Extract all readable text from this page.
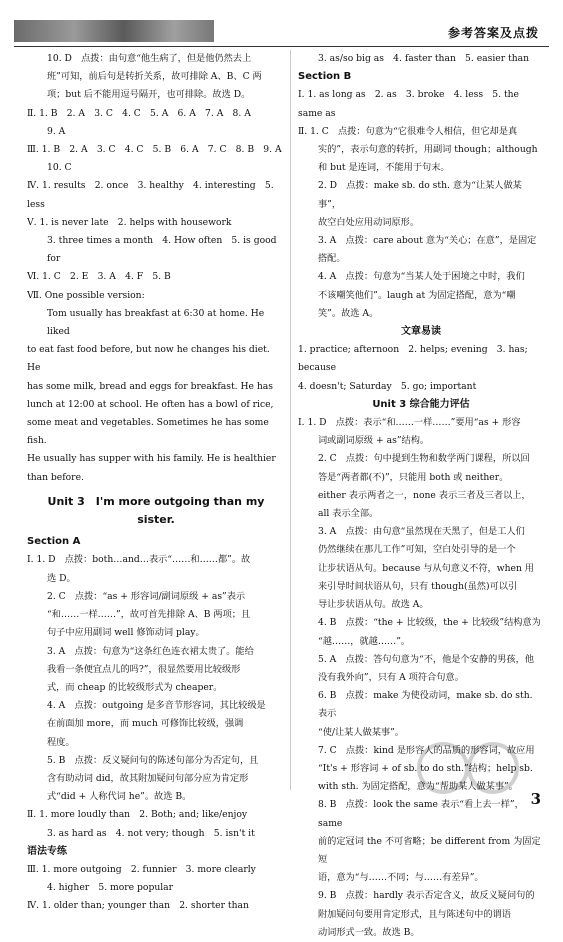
参考答案及点拨

10. D　点拨：由句意“他生病了，但是他仍然去上

班”可知，前后句是转折关系，故可排除 A、B、C 两

项；but 后不能用逗号隔开，也可排除。故选 D。

Ⅱ. 1. B　2. A　3. C　4. C　5. A　6. A　7. A　8. A

9. A

Ⅲ. 1. B　2. A　3. C　4. C　5. B　6. A　7. C　8. B　9. A

10. C

Ⅳ. 1. results　2. once　3. healthy　4. interesting　5. less

Ⅴ. 1. is never late　2. helps with housework

3. three times a month　4. How often　5. is good for

Ⅵ. 1. C　2. E　3. A　4. F　5. B

Ⅶ. One possible version:

Tom usually has breakfast at 6:30 at home. He liked

to eat fast food before, but now he changes his diet. He

has some milk, bread and eggs for breakfast. He has

lunch at 12:00 at school. He often has a bowl of rice,

some meat and vegetables. Sometimes he has some fish.

He usually has supper with his family. He is healthier

than before.

Unit 3　I'm more outgoing than my sister.

Section A

Ⅰ. 1. D　点拨：both…and…表示“……和……都”。故

选 D。

2. C　点拨：“as + 形容词/副词原级 + as”表示

“和……一样……”，故可首先排除 A、B 两项；且

句子中应用副词 well 修饰动词 play。

3. A　点拨：句意为“这条红色连衣裙太贵了。能给

我看一条便宜点儿的吗?”，很显然要用比较级形

式，而 cheap 的比较级形式为 cheaper。

4. A　点拨：outgoing 是多音节形容词，其比较级是

在前面加 more，而 much 可修饰比较级，强调

程度。

5. B　点拨：反义疑问句的陈述句部分为否定句，且

含有助动词 did，故其附加疑问句部分应为肯定形

式“did + 人称代词 he”。故选 B。

Ⅱ. 1. more loudly than　2. Both; and; like/enjoy

3. as hard as　4. not very; though　5. isn't it

语法专练

Ⅲ. 1. more outgoing　2. funnier　3. more clearly

4. higher　5. more popular

Ⅳ. 1. older than; younger than　2. shorter than

3. as/so big as　4. faster than　5. easier than

Section B

Ⅰ. 1. as long as　2. as　3. broke　4. less　5. the same as

Ⅱ. 1. C　点拨：句意为“它很难令人相信，但它却是真

实的”，表示句意的转折，用副词 though；although

和 but 是连词，不能用于句末。

2. D　点拨：make sb. do sth. 意为“让某人做某事”，

故空白处应用动词原形。

3. A　点拨：care about 意为“关心；在意”，是固定

搭配。

4. A　点拨：句意为“当某人处于困境之中时，我们

不该嘲笑他们”。laugh at 为固定搭配，意为“嘲

笑”。故选 A。

文章易读

1. practice; afternoon　2. helps; evening　3. has; because

4. doesn't; Saturday　5. go; important

Unit 3 综合能力评估

Ⅰ. 1. D　点拨：表示“和……一样……”要用“as + 形容

词或副词原级 + as”结构。

2. C　点拨：句中提到生物和数学两门课程，所以回

答是“两者都(不)”，只能用 both 或 neither。

either 表示两者之一，none 表示三者及三者以上，

all 表示全部。

3. A　点拨：由句意“虽然现在天黑了，但是工人们

仍然继续在那儿工作”可知，空白处引导的是一个

让步状语从句。because 与从句意义不符，when 用

来引导时间状语从句，只有 though(虽然)可以引

导让步状语从句。故选 A。

4. B　点拨：“the + 比较级，the + 比较级”结构意为

“越……，就越……”。

5. A　点拨：答句句意为“不，他是个安静的男孩，他

没有我外向”，只有 A 项符合句意。

6. B　点拨：make 为使役动词，make sb. do sth. 表示

“使/让某人做某事”。

7. C　点拨：kind 是形容人的品质的形容词，故应用

“It's + 形容词 + of sb. to do sth.”结构；help sb.

with sth. 为固定搭配，意为“帮助某人做某事”。

8. B　点拨：look the same 表示“看上去一样”，same

前的定冠词 the 不可省略；be different from 为固定短

语，意为“与……不同；与……有差异”。

9. B　点拨：hardly 表示否定含义，故反义疑问句的

附加疑问句要用肯定形式，且与陈述句中的谓语

动词形式一致。故选 B。

3
